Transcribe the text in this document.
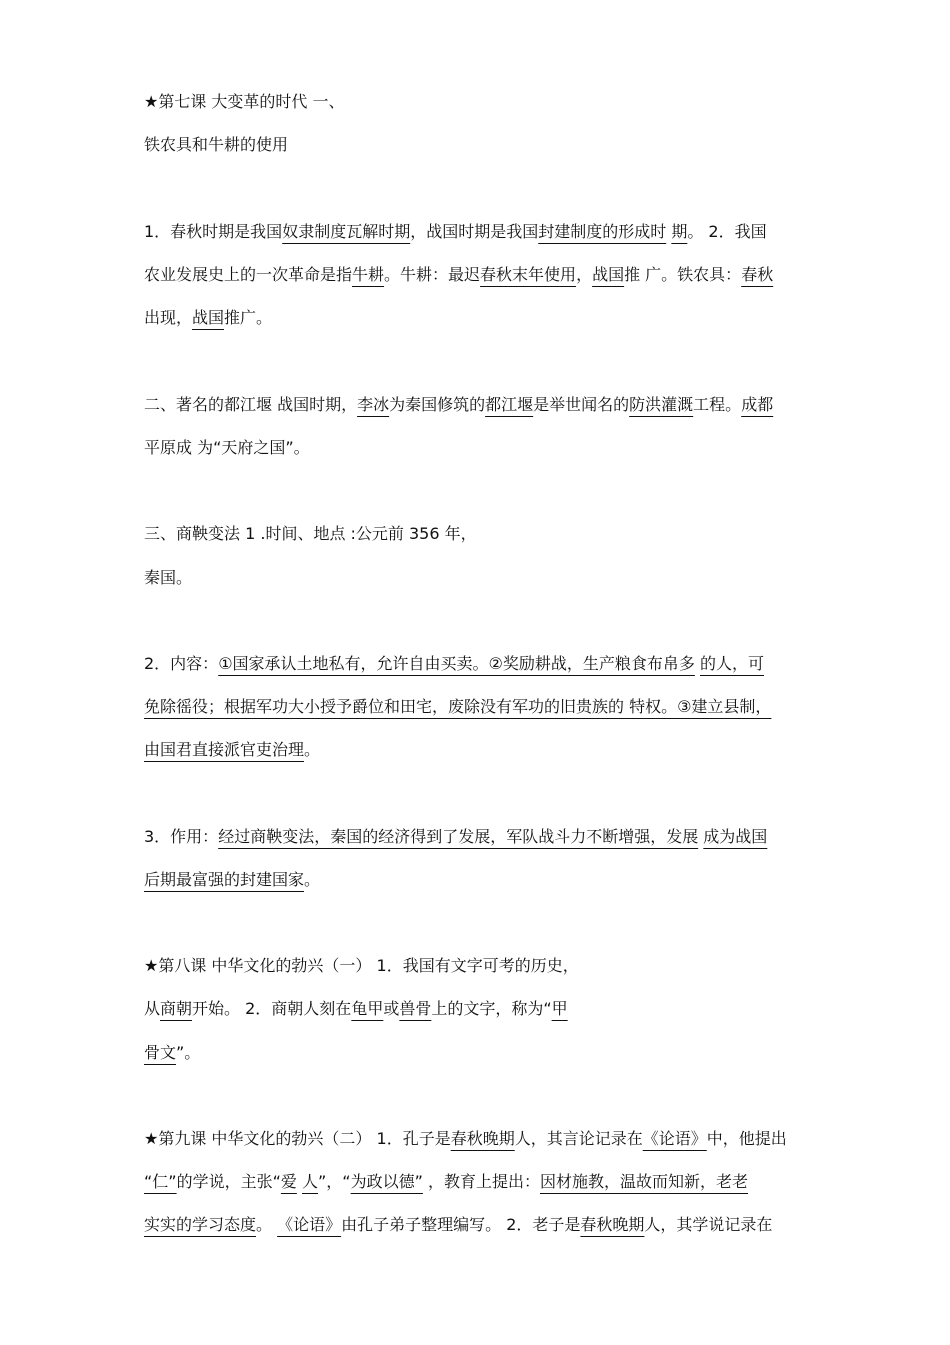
★第七课 大变革的时代 一、
铁农具和牛耕的使用
1．春秋时期是我国奴隶制度瓦解时期，战国时期是我国封建制度的形成时 期。 2．我国
农业发展史上的一次革命是指牛耕。牛耕：最迟春秋末年使用，战国推 广。铁农具：春秋
出现，战国推广。
二、著名的都江堰 战国时期，李冰为秦国修筑的都江堰是举世闻名的防洪灌溉工程。成都
平原成 为“天府之国”。
三、商鞅变法 1 .时间、地点 :公元前 356 年，
秦国。
2．内容：①国家承认土地私有，允许自由买卖。②奖励耕战，生产粮食布帛多 的人，可
免除徭役；根据军功大小授予爵位和田宅，废除没有军功的旧贵族的 特权。③建立县制，
由国君直接派官吏治理。
3．作用：经过商鞅变法，秦国的经济得到了发展，军队战斗力不断增强，发展 成为战国
后期最富强的封建国家。
★第八课 中华文化的勃兴（一） 1．我国有文字可考的历史，
从商朝开始。 2．商朝人刻在龟甲或兽骨上的文字，称为“甲
骨文”。
★第九课 中华文化的勃兴（二） 1．孔子是春秋晚期人，其言论记录在《论语》中，他提出
“仁”的学说，主张“爱 人”，“为政以德” ，教育上提出：因材施教，温故而知新，老老
实实的学习态度。 《论语》由孔子弟子整理编写。 2．老子是春秋晚期人，其学说记录在
